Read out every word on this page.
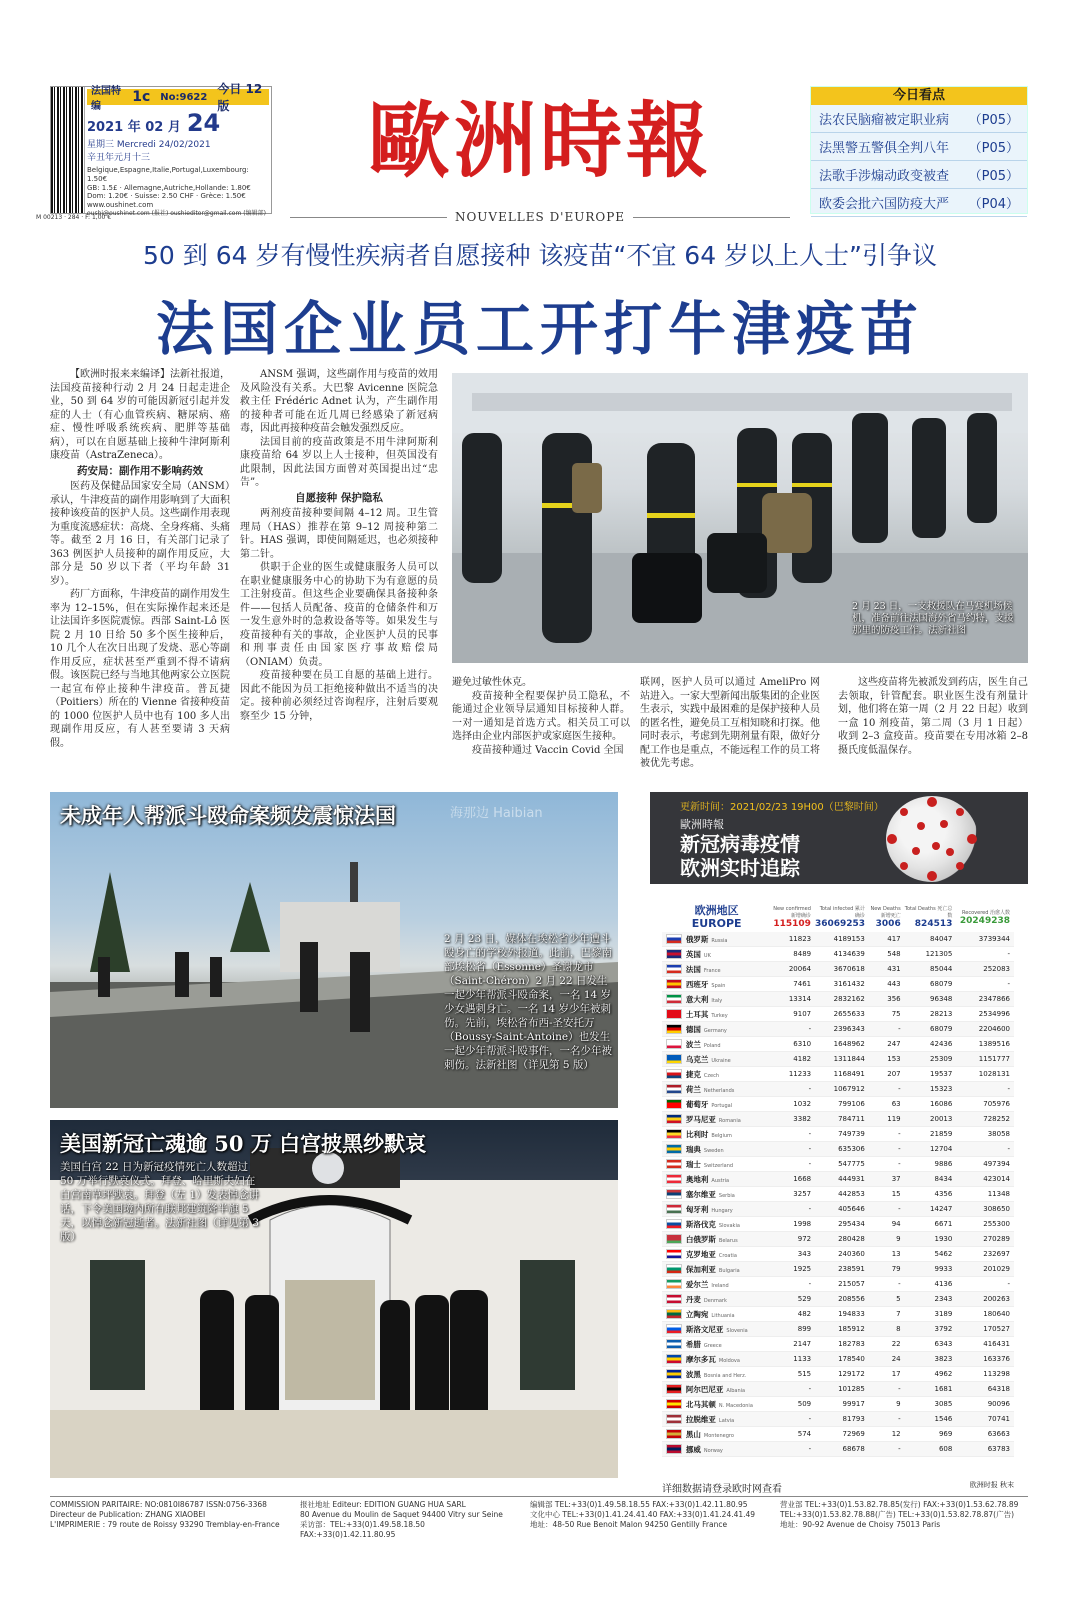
法国特编
1c No:9622
今日 12 版
2021 年 02 月 24
星期三 Mercredi 24/02/2021
辛丑年元月十三
Belgique,Espagne,Italie,Portugal,Luxembourg: 1.50€
GB: 1.5£ · Allemagne,Autriche,Hollande: 1.80€
Dom: 1.20€ · Suisse: 2.50 CHF · Grèce: 1.50€
www.oushinet.com
oushi@oushinet.com (报社) oushieditor@gmail.com (编辑部)
M 00213 · 284 · F: 1,00 €
歐洲時報
NOUVELLES D'EUROPE
今日看点
法农民脑瘤被定职业病 （P05）
法黑警五警俱全判八年 （P05）
法歌手涉煽动政变被查 （P05）
欧委会批六国防疫大严 （P04）
50 到 64 岁有慢性疾病者自愿接种 该疫苗“不宜 64 岁以上人士”引争议
法国企业员工开打牛津疫苗

【欧洲时报来来编译】法新社报道，法国疫苗接种行动 2 月 24 日起走进企业，50 到 64 岁的可能因新冠引起并发症的人士（有心血管疾病、糖尿病、癌症、慢性呼吸系统疾病、肥胖等基础病），可以在自愿基础上接种牛津阿斯利康疫苗（AstraZeneca）。

药安局：副作用不影响药效

医药及保健品国家安全局（ANSM）承认，牛津疫苗的副作用影响到了大面积接种该疫苗的医护人员。这些副作用表现为重度流感症状：高烧、全身疼痛、头痛等。截至 2 月 16 日，有关部门记录了 363 例医护人员接种的副作用反应，大部分是 50 岁以下者（平均年龄 31 岁）。

药厂方面称，牛津疫苗的副作用发生率为 12–15%，但在实际操作起来还是让法国许多医院震惊。西部 Saint-Lô 医院 2 月 10 日给 50 多个医生接种后，10 几个人在次日出现了发烧、恶心等副作用反应，症状甚至严重到不得不请病假。该医院已经与当地其他两家公立医院一起宣布停止接种牛津疫苗。普瓦捷（Poitiers）所在的 Vienne 省接种疫苗的 1000 位医护人员中也有 100 多人出现副作用反应，有人甚至要请 3 天病假。

ANSM 强调，这些副作用与疫苗的效用及风险没有关系。大巴黎 Avicenne 医院急救主任 Frédéric Adnet 认为，产生副作用的接种者可能在近几周已经感染了新冠病毒，因此再接种疫苗会触发强烈反应。

法国目前的疫苗政策是不用牛津阿斯利康疫苗给 64 岁以上人士接种，但英国没有此限制，因此法国方面曾对英国提出过“忠告”。

自愿接种 保护隐私

两剂疫苗接种要间隔 4–12 周。卫生管理局（HAS）推荐在第 9–12 周接种第二针。HAS 强调，即使间隔延迟，也必须接种第二针。

供职于企业的医生或健康服务人员可以在职业健康服务中心的协助下为有意愿的员工注射疫苗。但这些企业要确保具备接种条件——包括人员配备、疫苗的仓储条件和万一发生意外时的急救设备等等。如果发生与疫苗接种有关的事故，企业医护人员的民事和刑事责任由国家医疗事故赔偿局（ONIAM）负责。

疫苗接种要在员工自愿的基础上进行。因此不能因为员工拒绝接种做出不适当的决定。接种前必须经过咨询程序，注射后要观察至少 15 分钟，

2 月 23 日，一支救援队在马赛机场候机，准备前往法国海外省马约特，支援那里的防疫工作。法新社图

避免过敏性休克。

疫苗接种全程要保护员工隐私，不能通过企业领导层通知目标接种人群。一对一通知是首选方式。相关员工可以选择由企业内部医护或家庭医生接种。

疫苗接种通过 Vaccin Covid 全国

联网，医护人员可以通过 AmeliPro 网站进入。一家大型新闻出版集团的企业医生表示，实践中最困难的是保护接种人员的匿名性，避免员工互相知晓和打探。他同时表示，考虑到先期剂量有限，做好分配工作也是重点，不能远程工作的员工将被优先考虑。

这些疫苗将先被派发到药店，医生自己去领取，针管配套。职业医生没有剂量计划，他们将在第一周（2 月 22 日起）收到一盒 10 剂疫苗，第二周（3 月 1 日起）收到 2–3 盒疫苗。疫苗要在专用冰箱 2–8 摄氏度低温保存。

未成年人帮派斗殴命案频发震惊法国	海那边 Haibian
2 月 23 日，媒体在埃松省少年遭斗殴身亡的学校外报道。此前，巴黎南部埃松省（Essonne）圣谢龙市（Saint-Chéron）2 月 22 日发生一起少年帮派斗殴命案，一名 14 岁少女遇刺身亡。一名 14 岁少年被刺伤。先前，埃松省布西-圣安托万（Boussy-Saint-Antoine）也发生一起少年帮派斗殴事件，一名少年被刺伤。法新社图（详见第 5 版）
美国新冠亡魂逾 50 万 白宫披黑纱默哀
美国白宫 22 日为新冠疫情死亡人数超过 50 万举行默哀仪式。拜登、哈里斯夫妇在白宫南草坪默哀。拜登（左 1）发表悼念讲话，下令美国境内所有联邦建筑降半旗 5 天，以悼念新冠逝者。法新社图（详见第 3 版）
更新时间：2021/02/23 19H00（巴黎时间）
歐洲時報
新冠病毒疫情
欧洲实时追踪
欧洲地区
EUROPE
New confirmed 新增确诊
115109
Total infected 累计确诊
36069253
New Deaths 新增死亡
3006
Total Deaths 死亡总数
824513
Recovered 治愈人数
20249238
俄罗斯 Russia	11823	4189153	417	84047	3739344
英国 UK	8489	4134639	548	121305	-
法国 France	20064	3670618	431	85044	252083
西班牙 Spain	7461	3161432	443	68079	-
意大利 Italy	13314	2832162	356	96348	2347866
土耳其 Turkey	9107	2655633	75	28213	2534996
德国 Germany	-	2396343	-	68079	2204600
波兰 Poland	6310	1648962	247	42436	1389516
乌克兰 Ukraine	4182	1311844	153	25309	1151777
捷克 Czech	11233	1168491	207	19537	1028131
荷兰 Netherlands	-	1067912	-	15323	-
葡萄牙 Portugal	1032	799106	63	16086	705976
罗马尼亚 Romania	3382	784711	119	20013	728252
比利时 Belgium	-	749739	-	21859	38058
瑞典 Sweden	-	635306	-	12704	-
瑞士 Switzerland	-	547775	-	9886	497394
奥地利 Austria	1668	444931	37	8434	423014
塞尔维亚 Serbia	3257	442853	15	4356	11348
匈牙利 Hungary	-	405646	-	14247	308650
斯洛伐克 Slovakia	1998	295434	94	6671	255300
白俄罗斯 Belarus	972	280428	9	1930	270289
克罗地亚 Croatia	343	240360	13	5462	232697
保加利亚 Bulgaria	1925	238591	79	9933	201029
爱尔兰 Ireland	-	215057	-	4136	-
丹麦 Denmark	529	208556	5	2343	200263
立陶宛 Lithuania	482	194833	7	3189	180640
斯洛文尼亚 Slovenia	899	185912	8	3792	170527
希腊 Greece	2147	182783	22	6343	416431
摩尔多瓦 Moldova	1133	178540	24	3823	163376
波黑 Bosnia and Herz.	515	129172	17	4962	113298
阿尔巴尼亚 Albania	-	101285	-	1681	64318
北马其顿 N. Macedonia	509	99917	9	3085	90096
拉脱维亚 Latvia	-	81793	-	1546	70741
黑山 Montenegro	574	72969	12	969	63663
挪威 Norway	-	68678	-	608	63783
详细数据请登录欧时网查看	欧洲时报 秋末
COMMISSION PARITAIRE: NO:0810I86787 ISSN:0756-3368
Directeur de Publication: ZHANG XIAOBEI
L'IMPRIMERIE : 79 route de Roissy 93290 Tremblay-en-France
报社地址 Editeur: EDITION GUANG HUA SARL
80 Avenue du Moulin de Saquet 94400 Vitry sur Seine
采访部：TEL:+33(0)1.49.58.18.50 FAX:+33(0)1.42.11.80.95
编辑部 TEL:+33(0)1.49.58.18.55 FAX:+33(0)1.42.11.80.95
文化中心 TEL:+33(0)1.41.24.41.40 FAX:+33(0)1.41.24.41.49
地址：48-50 Rue Benoit Malon 94250 Gentilly France
营业部 TEL:+33(0)1.53.82.78.85(发行) FAX:+33(0)1.53.62.78.89
TEL:+33(0)1.53.82.78.88(广告) TEL:+33(0)1.53.82.78.87(广告)
地址：90-92 Avenue de Choisy 75013 Paris
